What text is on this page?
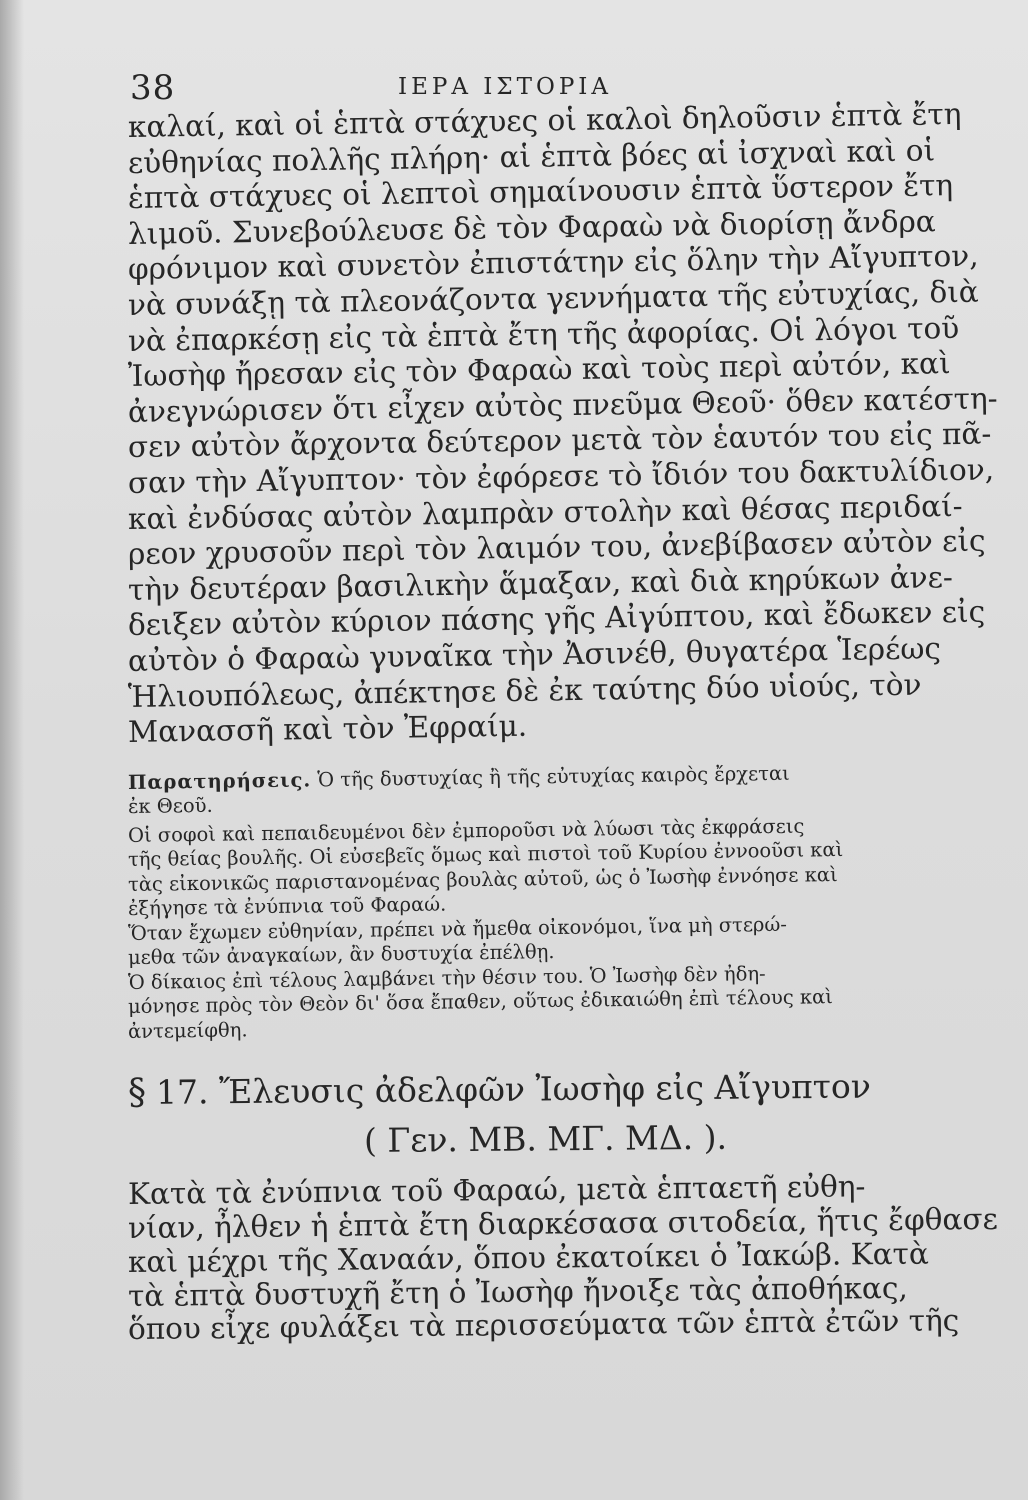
38	ΙΕΡΑ ΙΣΤΟΡΙΑ

καλαί, καὶ οἱ ἑπτὰ στάχυες οἱ καλοὶ δηλοῦσιν ἑπτὰ ἔτη
εὐθηνίας πολλῆς πλήρη· αἱ ἑπτὰ βόες αἱ ἰσχναὶ καὶ οἱ
ἑπτὰ στάχυες οἱ λεπτοὶ σημαίνουσιν ἑπτὰ ὕστερον ἔτη
λιμοῦ. Συνεβούλευσε δὲ τὸν Φαραὼ νὰ διορίσῃ ἄνδρα
φρόνιμον καὶ συνετὸν ἐπιστάτην εἰς ὅλην τὴν Αἴγυπτον,
νὰ συνάξῃ τὰ πλεονάζοντα γεννήματα τῆς εὐτυχίας, διὰ
νὰ ἐπαρκέσῃ εἰς τὰ ἑπτὰ ἔτη τῆς ἀφορίας. Οἱ λόγοι τοῦ
Ἰωσὴφ ἤρεσαν εἰς τὸν Φαραὼ καὶ τοὺς περὶ αὐτόν, καὶ
ἀνεγνώρισεν ὅτι εἶχεν αὐτὸς πνεῦμα Θεοῦ· ὅθεν κατέστη-
σεν αὐτὸν ἄρχοντα δεύτερον μετὰ τὸν ἑαυτόν του εἰς πᾶ-
σαν τὴν Αἴγυπτον· τὸν ἐφόρεσε τὸ ἴδιόν του δακτυλίδιον,
καὶ ἐνδύσας αὐτὸν λαμπρὰν στολὴν καὶ θέσας περιδαί-
ρεον χρυσοῦν περὶ τὸν λαιμόν του, ἀνεβίβασεν αὐτὸν εἰς
τὴν δευτέραν βασιλικὴν ἅμαξαν, καὶ διὰ κηρύκων ἀνε-
δειξεν αὐτὸν κύριον πάσης γῆς Αἰγύπτου, καὶ ἔδωκεν εἰς
αὐτὸν ὁ Φαραὼ γυναῖκα τὴν Ἀσινέθ, θυγατέρα Ἱερέως
Ἡλιουπόλεως, ἀπέκτησε δὲ ἐκ ταύτης δύο υἱούς, τὸν
Μανασσῆ καὶ τὸν Ἐφραίμ.

Παρατηρήσεις. Ὁ τῆς δυστυχίας ἢ τῆς εὐτυχίας καιρὸς ἔρχεται
ἐκ Θεοῦ.
Οἱ σοφοὶ καὶ πεπαιδευμένοι δὲν ἐμποροῦσι νὰ λύωσι τὰς ἐκφράσεις
τῆς θείας βουλῆς. Οἱ εὐσεβεῖς ὅμως καὶ πιστοὶ τοῦ Κυρίου ἐννοοῦσι καὶ
τὰς εἰκονικῶς παριστανομένας βουλὰς αὐτοῦ, ὡς ὁ Ἰωσὴφ ἐννόησε καὶ
ἐξήγησε τὰ ἐνύπνια τοῦ Φαραώ.
Ὅταν ἔχωμεν εὐθηνίαν, πρέπει νὰ ἤμεθα οἰκονόμοι, ἵνα μὴ στερώ-
μεθα τῶν ἀναγκαίων, ἂν δυστυχία ἐπέλθῃ.
Ὁ δίκαιος ἐπὶ τέλους λαμβάνει τὴν θέσιν του. Ὁ Ἰωσὴφ δὲν ἠδη-
μόνησε πρὸς τὸν Θεὸν δι' ὅσα ἔπαθεν, οὕτως ἐδικαιώθη ἐπὶ τέλους καὶ
ἀντεμείφθη.
§ 17. Ἔλευσις ἀδελφῶν Ἰωσὴφ εἰς Αἴγυπτον
( Γεν. ΜΒ. ΜΓ. ΜΔ. ).
Κατὰ τὰ ἐνύπνια τοῦ Φαραώ, μετὰ ἑπταετῆ εὐθη-
νίαν, ἦλθεν ἡ ἑπτὰ ἔτη διαρκέσασα σιτοδεία, ἥτις ἔφθασε
καὶ μέχρι τῆς Χαναάν, ὅπου ἐκατοίκει ὁ Ἰακώβ. Κατὰ
τὰ ἑπτὰ δυστυχῆ ἔτη ὁ Ἰωσὴφ ἤνοιξε τὰς ἀποθήκας,
ὅπου εἶχε φυλάξει τὰ περισσεύματα τῶν ἑπτὰ ἐτῶν τῆς
